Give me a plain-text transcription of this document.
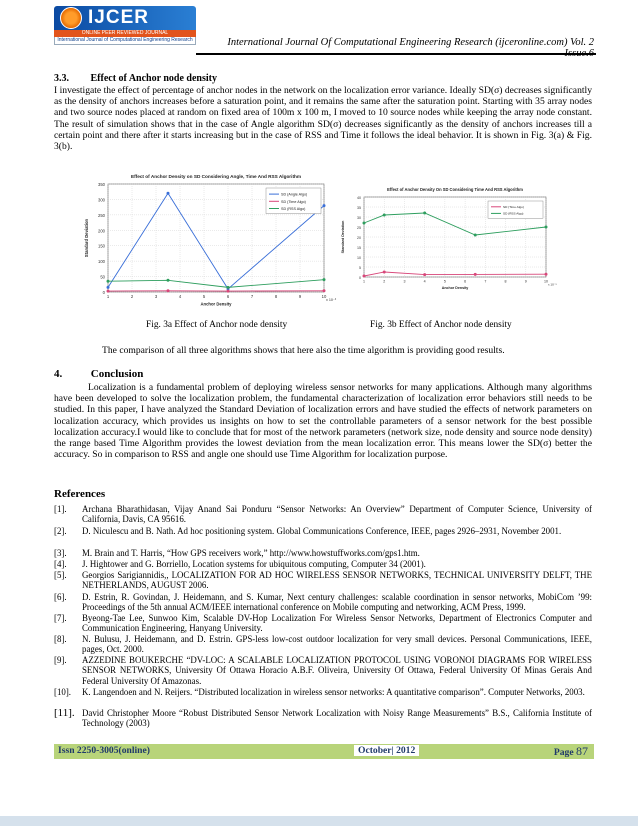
IJCER
ONLINE PEER REVIEWED JOURNAL
International Journal of Computational Engineering Research	International Journal Of Computational Engineering Research (ijceronline.com) Vol. 2
3.3. Effect of Anchor node density
I investigate the effect of percentage of anchor nodes in the network on the localization error variance. Ideally SD(σ) decreases significantly as the density of anchors increases before a saturation point, and it remains the same after the saturation point. Starting with 35 array nodes and two source nodes placed at random on fixed area of 100m x 100 m, I moved to 10 source nodes while keeping the array node constant. The result of simulation shows that in the case of Angle algorithm SD(σ) decreases significantly as the density of anchors increases till a certain point and there after it starts increasing but in the case of RSS and Time it follows the ideal behavior. It is shown in Fig. 3(a) & Fig. 3(b).
Effect of Anchor Density on SD Considering Angle, Time And RSS Algorithm
0
50
100
150
200
250
300
350
1	2	3	4	5	6	7	8	9	10
x 10⁻³
Anchor Density
Standard Deviation
SD (Angle Algo)
SD (Time Algo)
SD (RSS Algo)
Effect of Anchor Density On SD Considering Time And RSS Algorithm
0
5
10
15
20
25
30
35
40
1	2	3	4	5	6	7	8	9	10
x 10⁻³
Anchor Density
Standard Deviation
SD (Time Algo)
SD (RSS Algo)
Fig. 3a Effect of Anchor node density	Fig. 3b Effect of Anchor node density
The comparison of all three algorithms shows that here also the time algorithm is providing good results.
4.	Conclusion
Localization is a fundamental problem of deploying wireless sensor networks for many applications. Although many algorithms have been developed to solve the localization problem, the fundamental characterization of localization error behaviors still needs to be studied. In this paper, I have analyzed the Standard Deviation of localization errors and have studied the effects of network parameters on localization accuracy, which provides us insights on how to set the controllable parameters of a sensor network for the best possible localization accuracy.I would like to conclude that for most of the network parameters (network size, node density and source node density) the range based Time Algorithm provides the lowest deviation from the mean localization error. This means lower the SD(σ) better the accuracy. So in comparison to RSS and angle one should use Time Algorithm for localization purpose.
References
[1]. Archana Bharathidasan, Vijay Anand Sai Ponduru “Sensor Networks: An Overview” Department of Computer Science, University of California, Davis, CA 95616.
[2]. D. Niculescu and B. Nath. Ad hoc positioning system. Global Communications Conference, IEEE, pages 2926–2931, November 2001.
[3]. M. Brain and T. Harris, “How GPS receivers work,” http://www.howstuffworks.com/gps1.htm.
[4]. J. Hightower and G. Borriello, Location systems for ubiquitous computing, Computer 34 (2001).
[5]. Georgios Sarigiannidis,, LOCALIZATION FOR AD HOC WIRELESS SENSOR NETWORKS, TECHNICAL UNIVERSITY DELFT, THE NETHERLANDS, AUGUST 2006.
[6]. D. Estrin, R. Govindan, J. Heidemann, and S. Kumar, Next century challenges: scalable coordination in sensor networks, MobiCom ’99: Proceedings of the 5th annual ACM/IEEE international conference on Mobile computing and networking, ACM Press, 1999.
[7]. Byeong-Tae Lee, Sunwoo Kim, Scalable DV-Hop Localization For Wireless Sensor Networks, Department of Electronics Computer and Communication Engineering, Hanyang University.
[8]. N. Bulusu, J. Heidemann, and D. Estrin. GPS-less low-cost outdoor localization for very small devices. Personal Communications, IEEE, pages, Oct. 2000.
[9]. AZZEDINE BOUKERCHE “DV-LOC: A SCALABLE LOCALIZATION PROTOCOL USING VORONOI DIAGRAMS FOR WIRELESS SENSOR NETWORKS, University Of Ottawa Horacio A.B.F. Oliveira, University Of Ottawa, Federal University Of Minas Gerais And Federal University Of Amazonas.
[10]. K. Langendoen and N. Reijers. “Distributed localization in wireless sensor networks: A quantitative comparison”. Computer Networks, 2003.
[11]. David Christopher Moore “Robust Distributed Sensor Network Localization with Noisy Range Measurements” B.S., California Institute of Technology (2003)
Issn 2250-3005(online)	October| 2012	Page 87
